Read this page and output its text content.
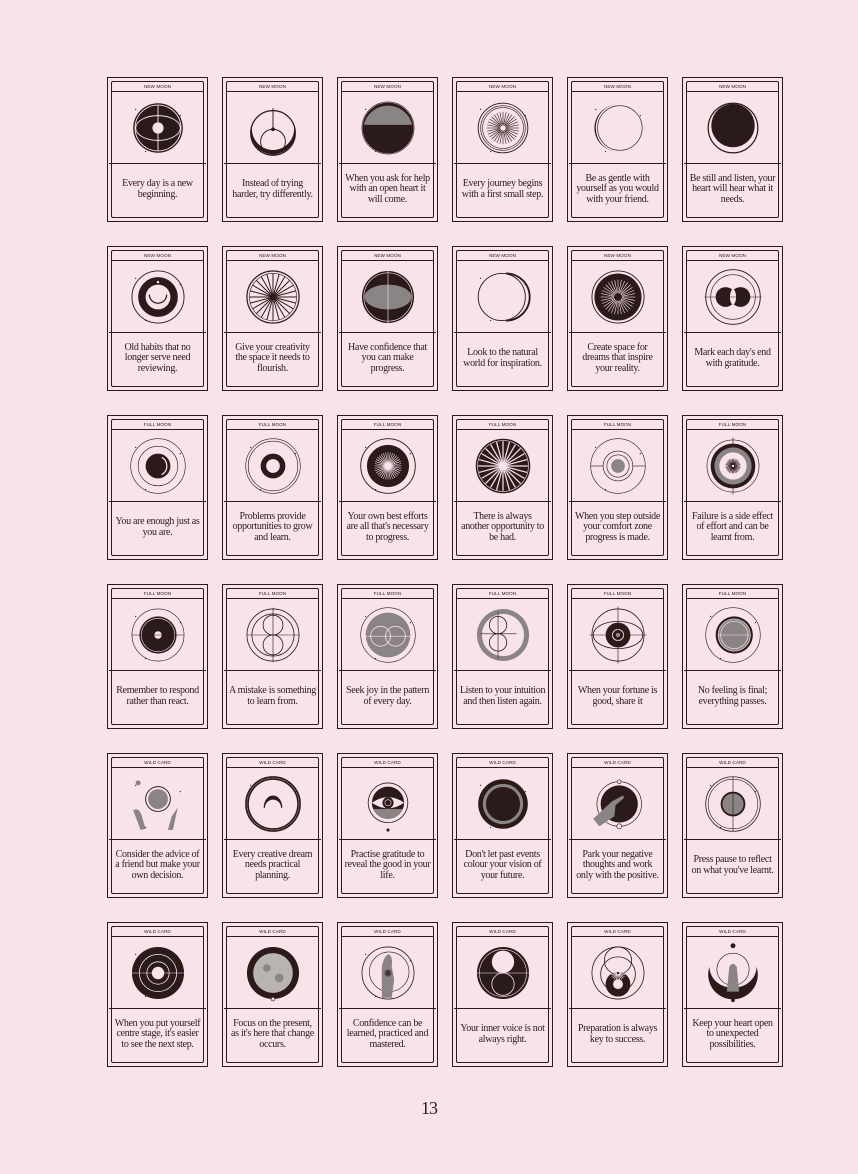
NEW MOON
Every day is a new beginning.
NEW MOON
Instead of trying harder, try differently.
NEW MOON
When you ask for help with an open heart it will come.
NEW MOON
Every journey begins with a first small step.
NEW MOON
Be as gentle with yourself as you would with your friend.
NEW MOON
Be still and listen, your heart will hear what it needs.
NEW MOON
Old habits that no longer serve need reviewing.
NEW MOON
Give your creativity the space it needs to flourish.
NEW MOON
Have confidence that you can make progress.
NEW MOON
Look to the natural world for inspiration.
NEW MOON
Create space for dreams that inspire your reality.
NEW MOON
Mark each day's end with gratitude.
FULL MOON
You are enough just as you are.
FULL MOON
Problems provide opportunities to grow and learn.
FULL MOON
Your own best efforts are all that's necessary to progress.
FULL MOON
There is always another opportunity to be had.
FULL MOON
When you step outside your comfort zone progress is made.
FULL MOON
Failure is a side effect of effort and can be learnt from.
FULL MOON
Remember to respond rather than react.
FULL MOON
A mistake is something to learn from.
FULL MOON
Seek joy in the pattern of every day.
FULL MOON
Listen to your intuition and then listen again.
FULL MOON
When your fortune is good, share it
FULL MOON
No feeling is final; everything passes.
WILD CARD
Consider the advice of a friend but make your own decision.
WILD CARD
Every creative dream needs practical planning.
WILD CARD
Practise gratitude to reveal the good in your life.
WILD CARD
Don't let past events colour your vision of your future.
WILD CARD
Park your negative thoughts and work only with the positive.
WILD CARD
Press pause to reflect on what you've learnt.
WILD CARD
When you put yourself centre stage, it's easier to see the next step.
WILD CARD
Focus on the present, as it's here that change occurs.
WILD CARD
Confidence can be learned, practiced and mastered.
WILD CARD
Your inner voice is not always right.
WILD CARD
Preparation is always key to success.
WILD CARD
Keep your heart open to unexpected possibilities.
13
